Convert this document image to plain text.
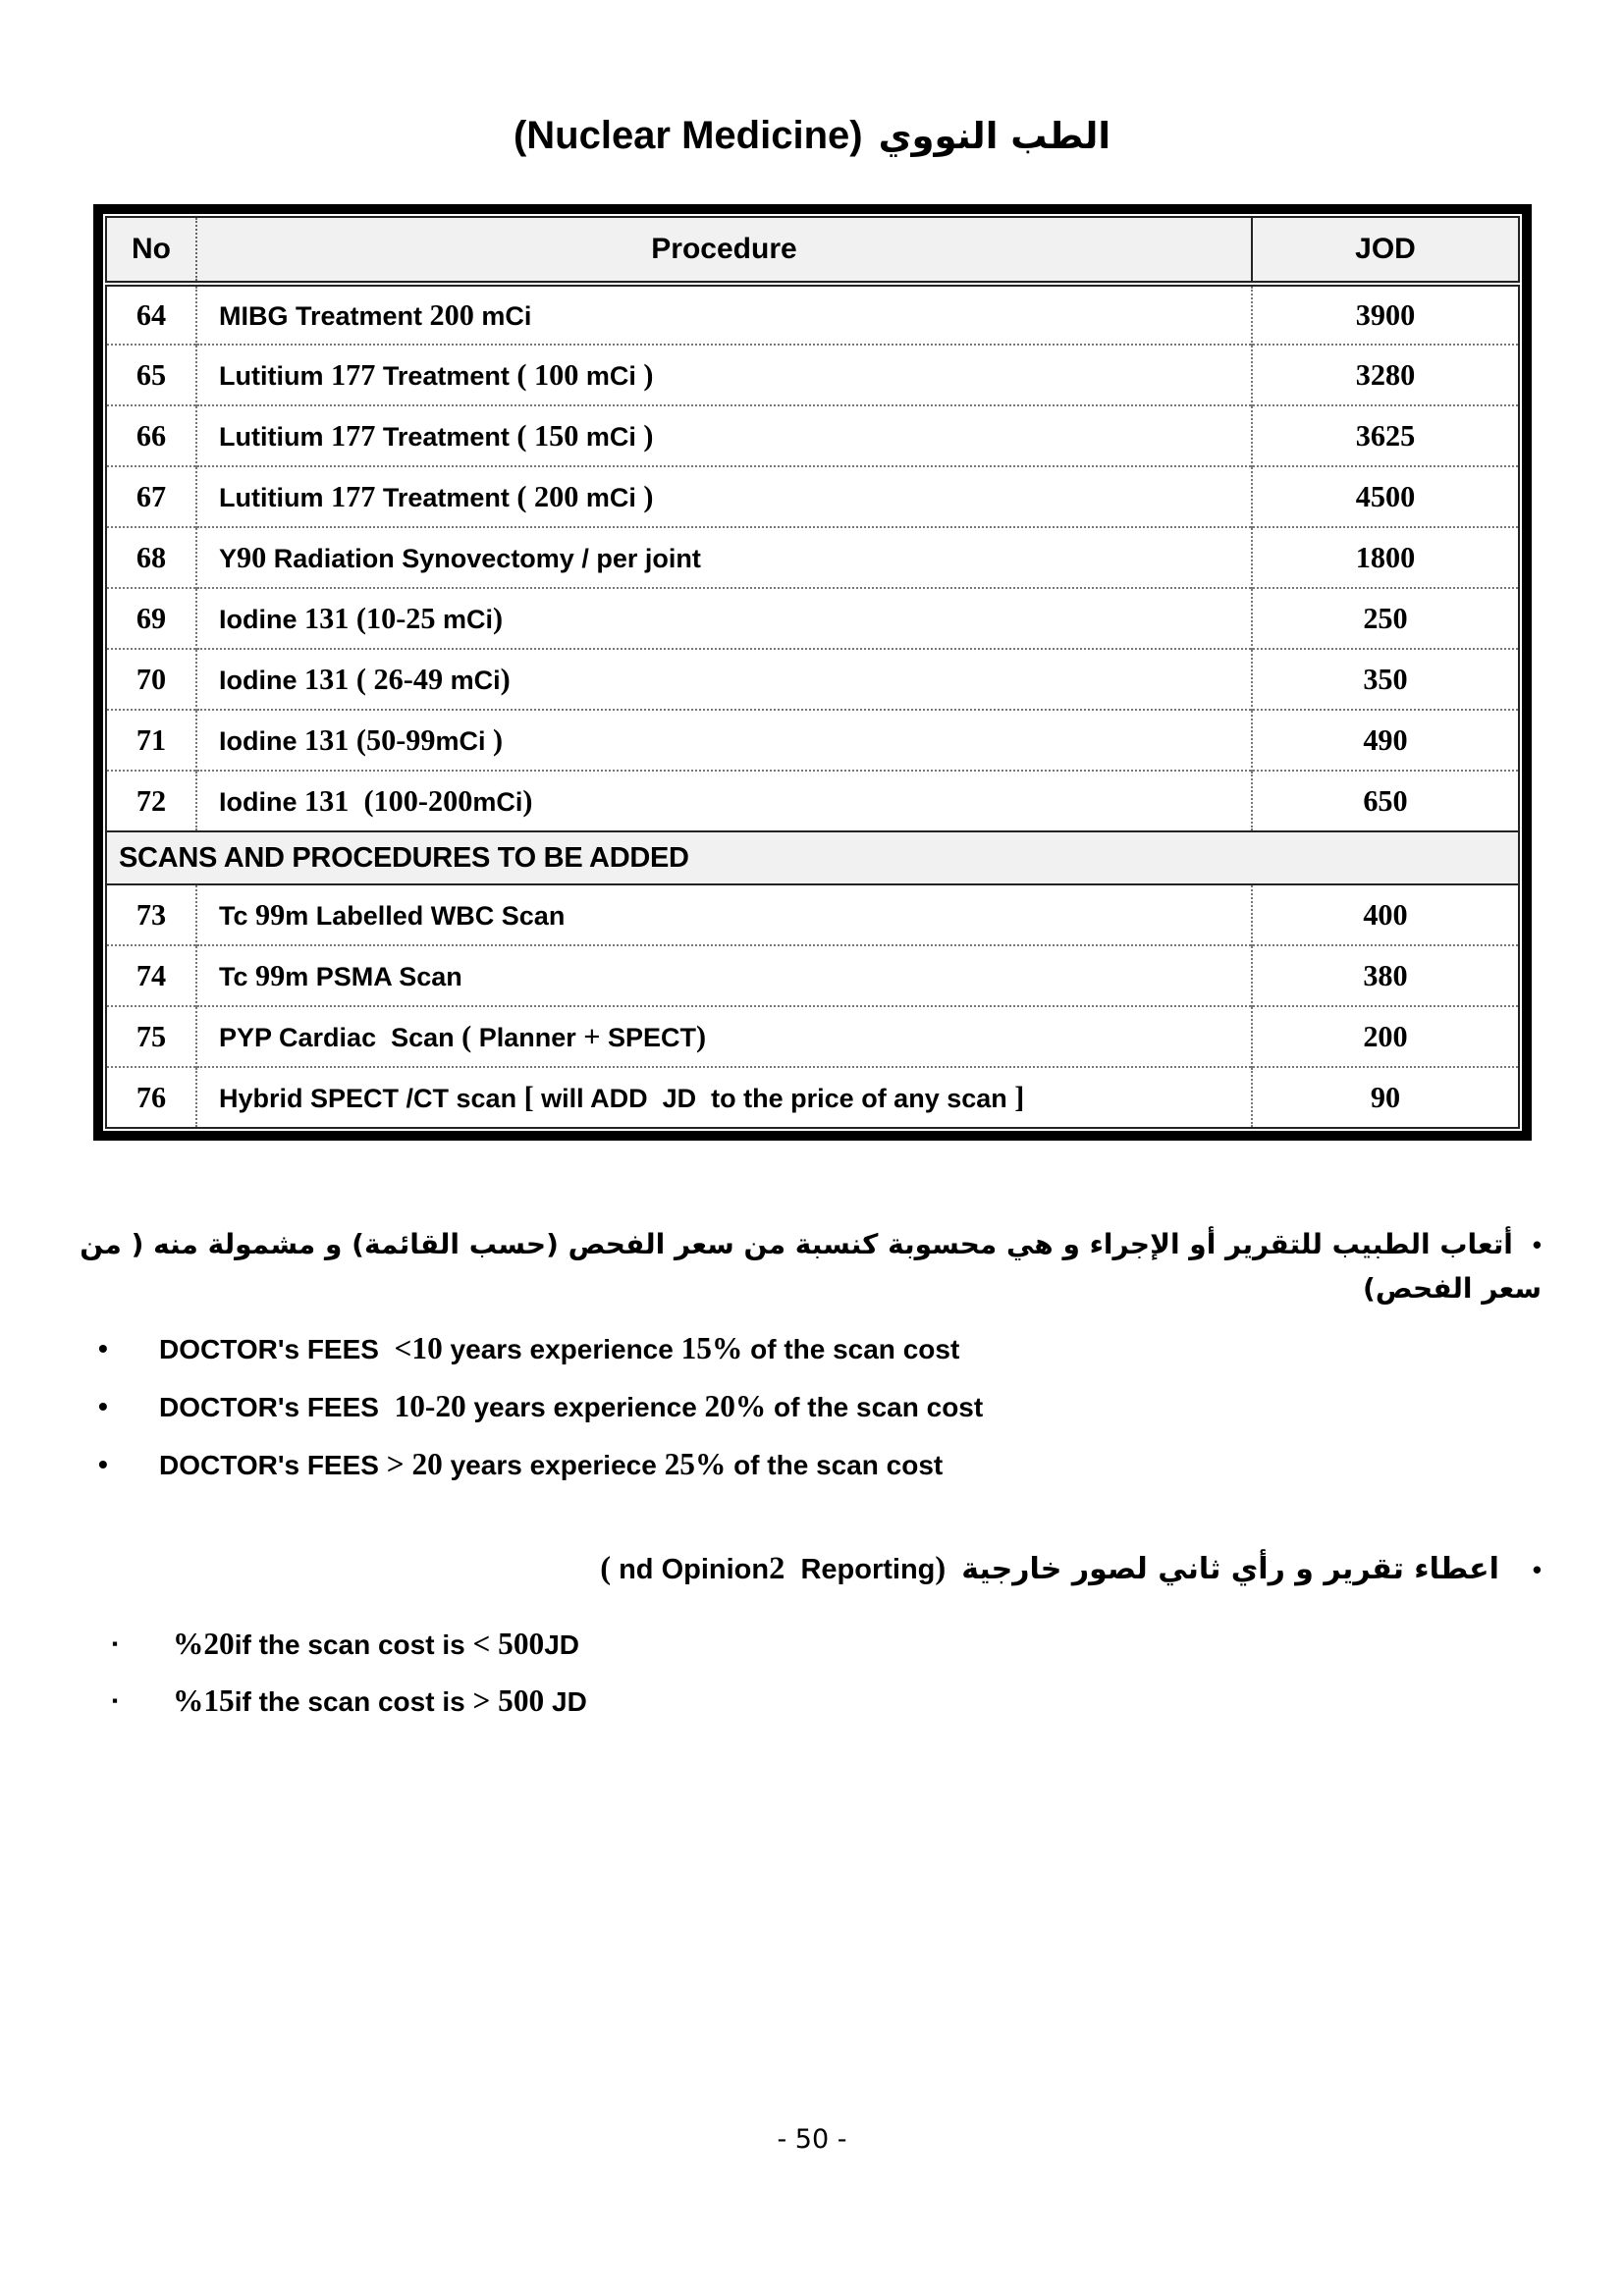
(Nuclear Medicine) الطب النووي
No	Procedure	JOD
64	MIBG Treatment 200 mCi	3900
65	Lutitium 177 Treatment ( 100 mCi )	3280
66	Lutitium 177 Treatment ( 150 mCi )	3625
67	Lutitium 177 Treatment ( 200 mCi )	4500
68	Y90 Radiation Synovectomy / per joint	1800
69	Iodine 131 (10-25 mCi)	250
70	Iodine 131 ( 26-49 mCi)	350
71	Iodine 131 (50-99mCi )	490
72	Iodine 131  (100-200mCi)	650
SCANS AND PROCEDURES TO BE ADDED		
73	Tc 99m Labelled WBC Scan	400
74	Tc 99m PSMA Scan	380
75	PYP Cardiac  Scan ( Planner + SPECT)	200
76	Hybrid SPECT /CT scan [ will ADD  JD  to the price of any scan ]	90
•أتعاب الطبيب للتقرير أو الإجراء و هي محسوبة كنسبة من سعر الفحص (حسب القائمة) و مشمولة منه ( من سعر الفحص)
•	DOCTOR's FEES  <10 years experience 15% of the scan cost
•	DOCTOR's FEES  10-20 years experience 20% of the scan cost
•	DOCTOR's FEES > 20 years experiece 25% of the scan cost
•اعطاء تقرير و رأي ثاني لصور خارجية( nd Opinion2  Reporting)
▪	%20if the scan cost is < 500JD
▪	%15if the scan cost is > 500 JD
- 50 -
